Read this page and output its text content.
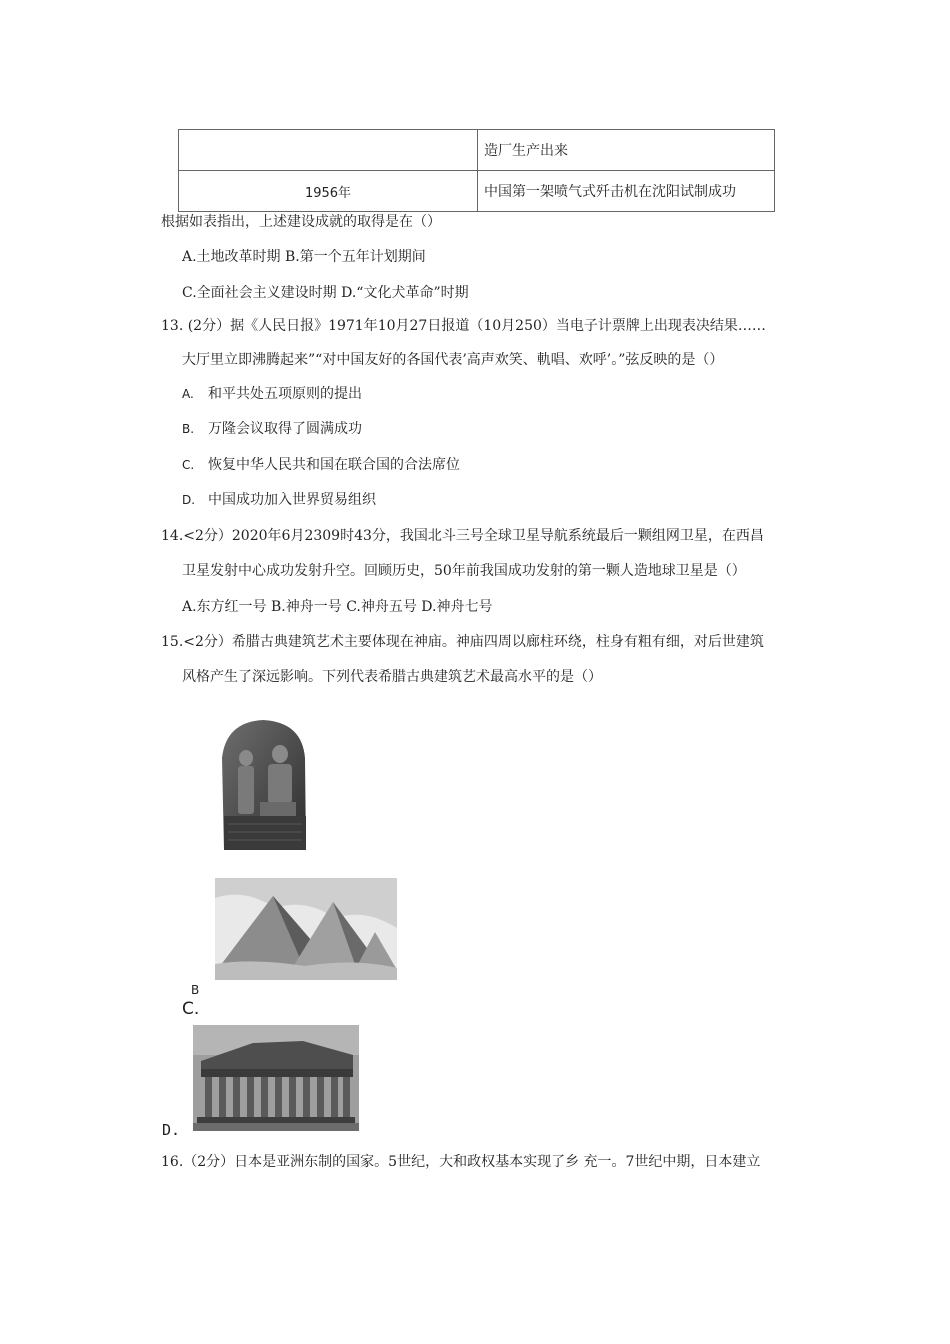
	造厂生产出来
1956年	中国第一架喷气式歼击机在沈阳试制成功
根据如表指出，上述建设成就的取得是在（）
A.土地改革时期 B.第一个五年计划期间
C.全面社会主义建设时期 D.“文化犬革命”时期
13. (2分）据《人民日报》1971年10月27日报道（10月250）当电子计票牌上出现表决结果……
大厅里立即沸腾起来”“对中国友好的各国代表’高声欢笑、軌唱、欢呼’。”弦反映的是（）
A. 和平共处五项原则的提出
B. 万隆会议取得了圆满成功
C. 恢复中华人民共和国在联合国的合法席位
D. 中国成功加入世界贸易组织
14.<2分）2020年6月2309时43分，我国北斗三号全球卫星导航系统最后一颗组网卫星，在西昌
卫星发射中心成功发射升空。回顾历史，50年前我国成功发射的第一颗人造地球卫星是（）
A.东方红一号 B.神舟一号 C.神舟五号 D.神舟七号
15.<2分）希腊古典建筑艺术主要体现在神庙。神庙四周以廊柱环绕，柱身有粗有细，对后世建筑
风格产生了深远影响。下列代表希腊古典建筑艺术最高水平的是（）
B
C.
D.
16.（2分）日本是亚洲东制的国家。5世纪，大和政权基本实现了乡 充一。7世纪中期，日本建立
